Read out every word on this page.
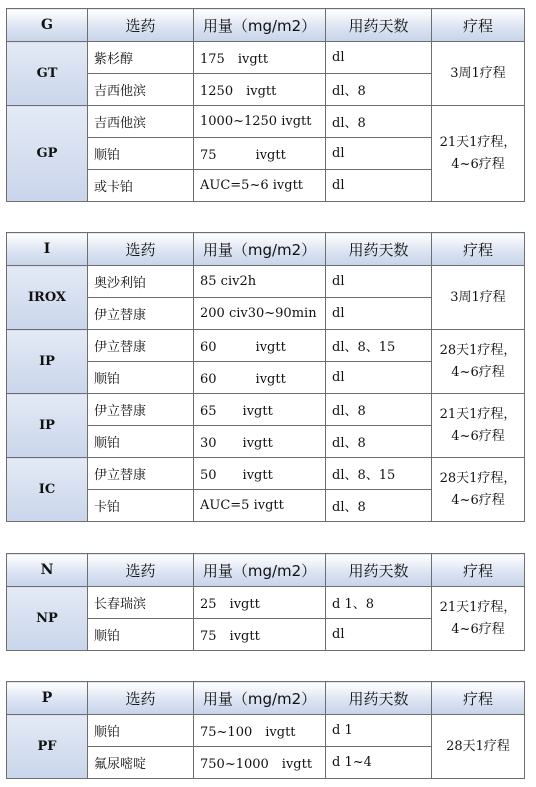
G	选药	用量（mg/m2）	用药天数	疗程
GT	紫杉醇	175　ivgtt	dl	3周1疗程

	吉西他滨	1250　ivgtt	dl、8	
GP	吉西他滨	1000~1250 ivgtt	dl、8	21天1疗程，
4~6疗程

	顺铂	75　　　ivgtt	dl	
	或卡铂	AUC=5~6 ivgtt	dl	
I	选药	用量（mg/m2）	用药天数	疗程
IROX	奥沙利铂	85 civ2h	dl	3周1疗程

	伊立替康	200 civ30~90min	dl	
IP	伊立替康	60　　　ivgtt	dl、8、15	28天1疗程，
4~6疗程

	顺铂	60　　　ivgtt	dl	
IP	伊立替康	65　　ivgtt	dl、8	21天1疗程，
4~6疗程

	顺铂	30　　ivgtt	dl、8	
IC	伊立替康	50　　ivgtt	dl、8、15	28天1疗程，
4~6疗程

	卡铂	AUC=5 ivgtt	dl、8	
N	选药	用量（mg/m2）	用药天数	疗程
NP	长春瑞滨	25　ivgtt	d 1、8	21天1疗程，
4~6疗程

	顺铂	75　ivgtt	dl	
P	选药	用量（mg/m2）	用药天数	疗程
PF	顺铂	75~100　ivgtt	d 1	28天1疗程

	氟尿嘧啶	750~1000　ivgtt	d 1~4	
